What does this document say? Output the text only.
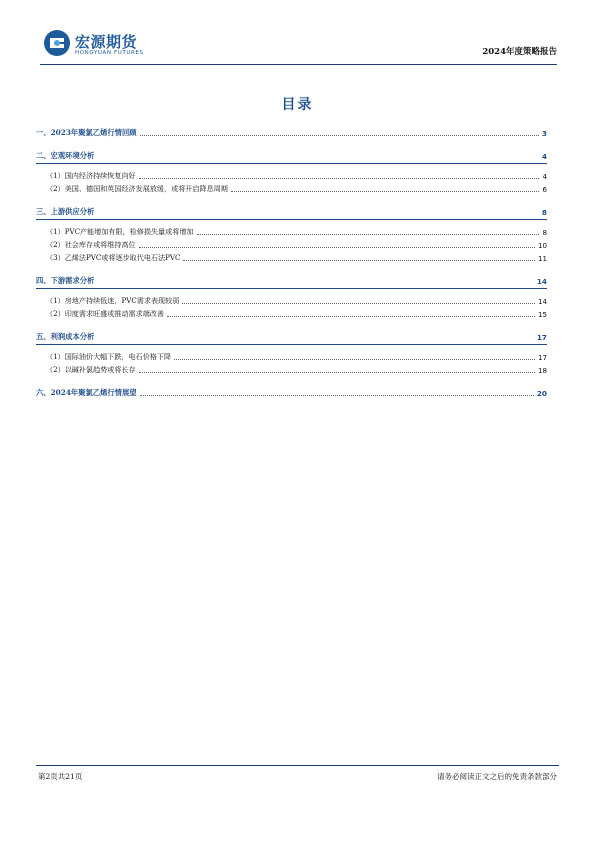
宏源期货
HONGYUAN FUTURES	2024年度策略报告
目录
一、2023年聚氯乙烯行情回顾	3
二、宏观环境分析	4
（1）国内经济持续恢复向好	4
（2）美国、德国和英国经济发展放缓，或将开启降息周期	6
三、上游供应分析	8
（1）PVC产能增加有限，检修损失量或将增加	8
（2）社会库存或将维持高位	10
（3）乙烯法PVC或将逐步取代电石法PVC	11
四、下游需求分析	14
（1）房地产持续低迷，PVC需求表现较弱	14
（2）印度需求旺盛或推动需求端改善	15
五、利润成本分析	17
（1）国际油价大幅下跌，电石价格下降	17
（2）以碱补氯趋势或将长存	18
六、2024年聚氯乙烯行情展望	20
第2页共21页	请务必阅读正文之后的免责条款部分
